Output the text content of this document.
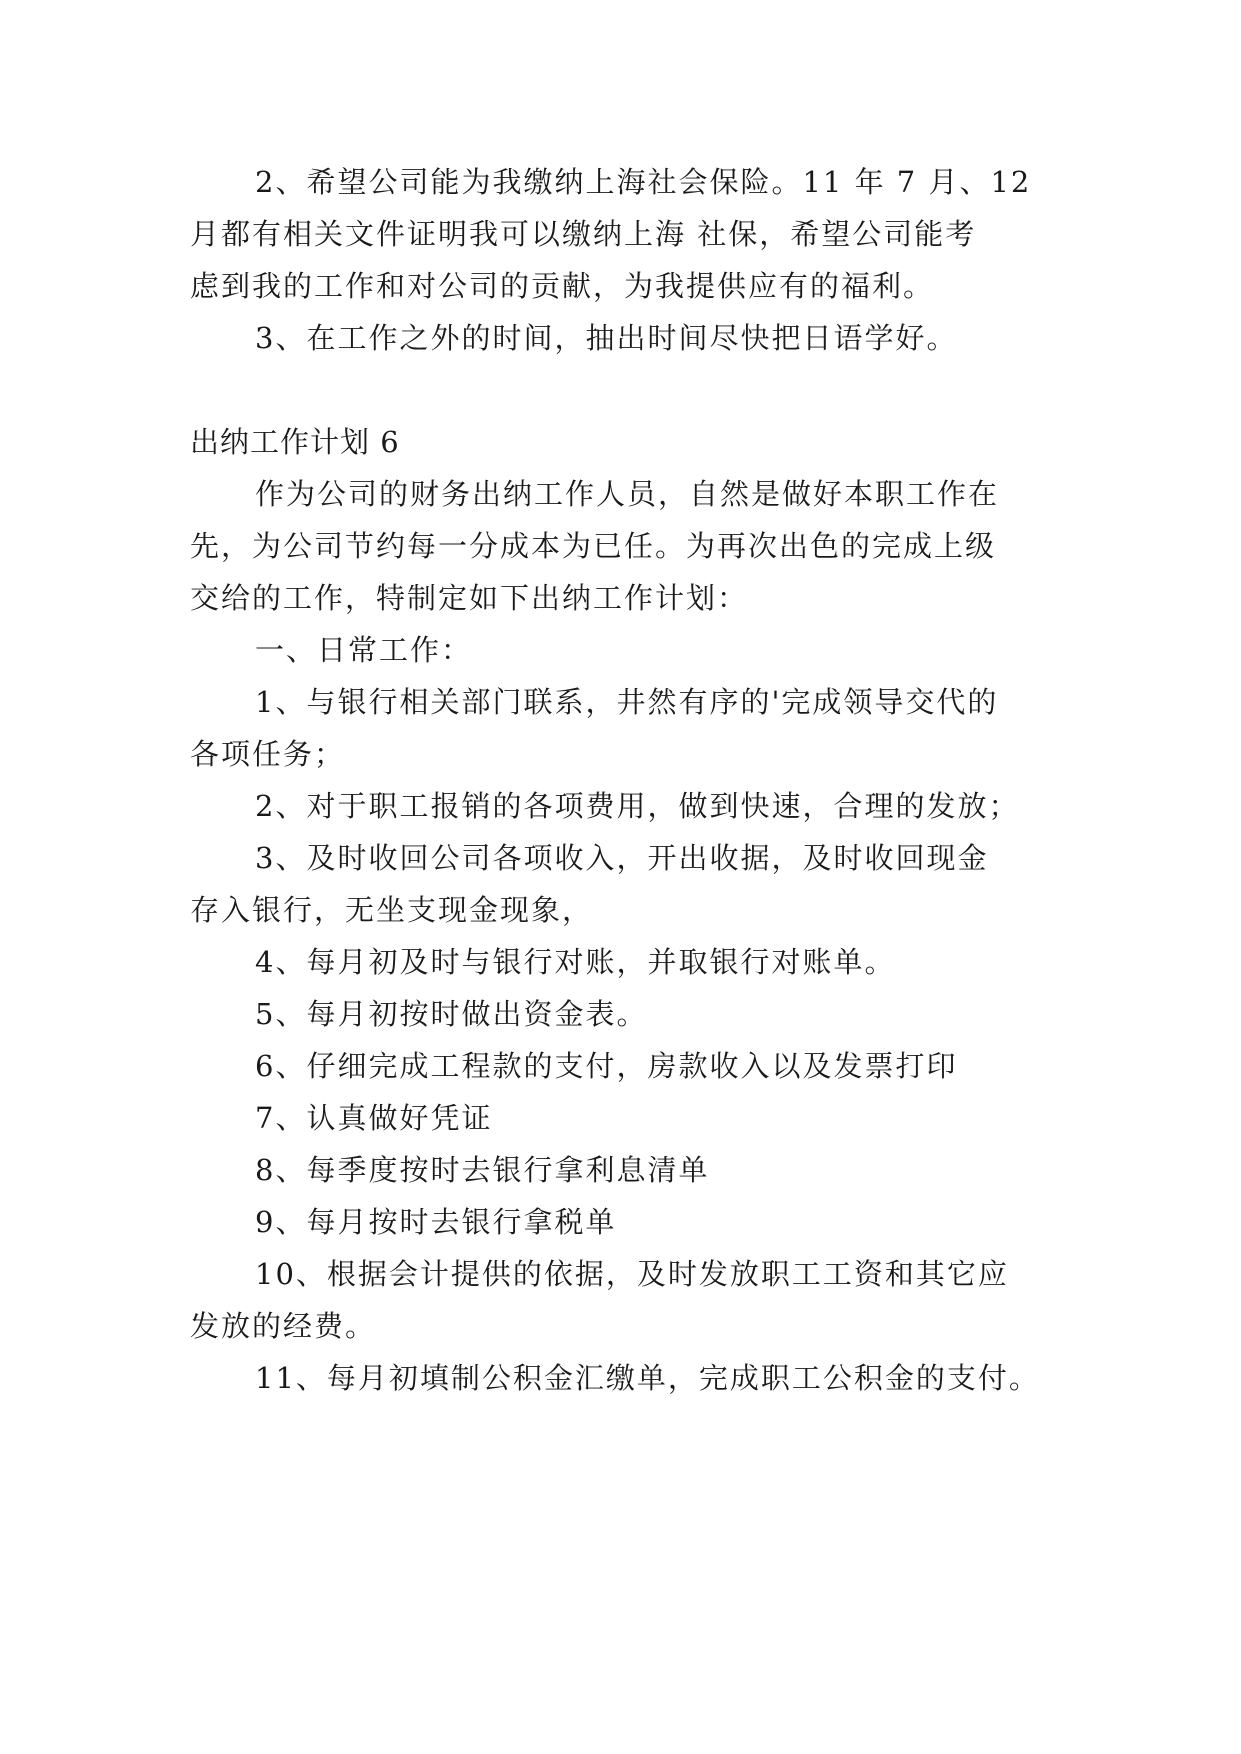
2、希望公司能为我缴纳上海社会保险。11 年 7 月、12
月都有相关文件证明我可以缴纳上海 社保，希望公司能考
虑到我的工作和对公司的贡献，为我提供应有的福利。
3、在工作之外的时间，抽出时间尽快把日语学好。
出纳工作计划 6
作为公司的财务出纳工作人员，自然是做好本职工作在
先，为公司节约每一分成本为已任。为再次出色的完成上级
交给的工作，特制定如下出纳工作计划：
一、日常工作：
1、与银行相关部门联系，井然有序的'完成领导交代的
各项任务；
2、对于职工报销的各项费用，做到快速，合理的发放；
3、及时收回公司各项收入，开出收据，及时收回现金
存入银行，无坐支现金现象，
4、每月初及时与银行对账，并取银行对账单。
5、每月初按时做出资金表。
6、仔细完成工程款的支付，房款收入以及发票打印
7、认真做好凭证
8、每季度按时去银行拿利息清单
9、每月按时去银行拿税单
10、根据会计提供的依据，及时发放职工工资和其它应
发放的经费。
11、每月初填制公积金汇缴单，完成职工公积金的支付。
